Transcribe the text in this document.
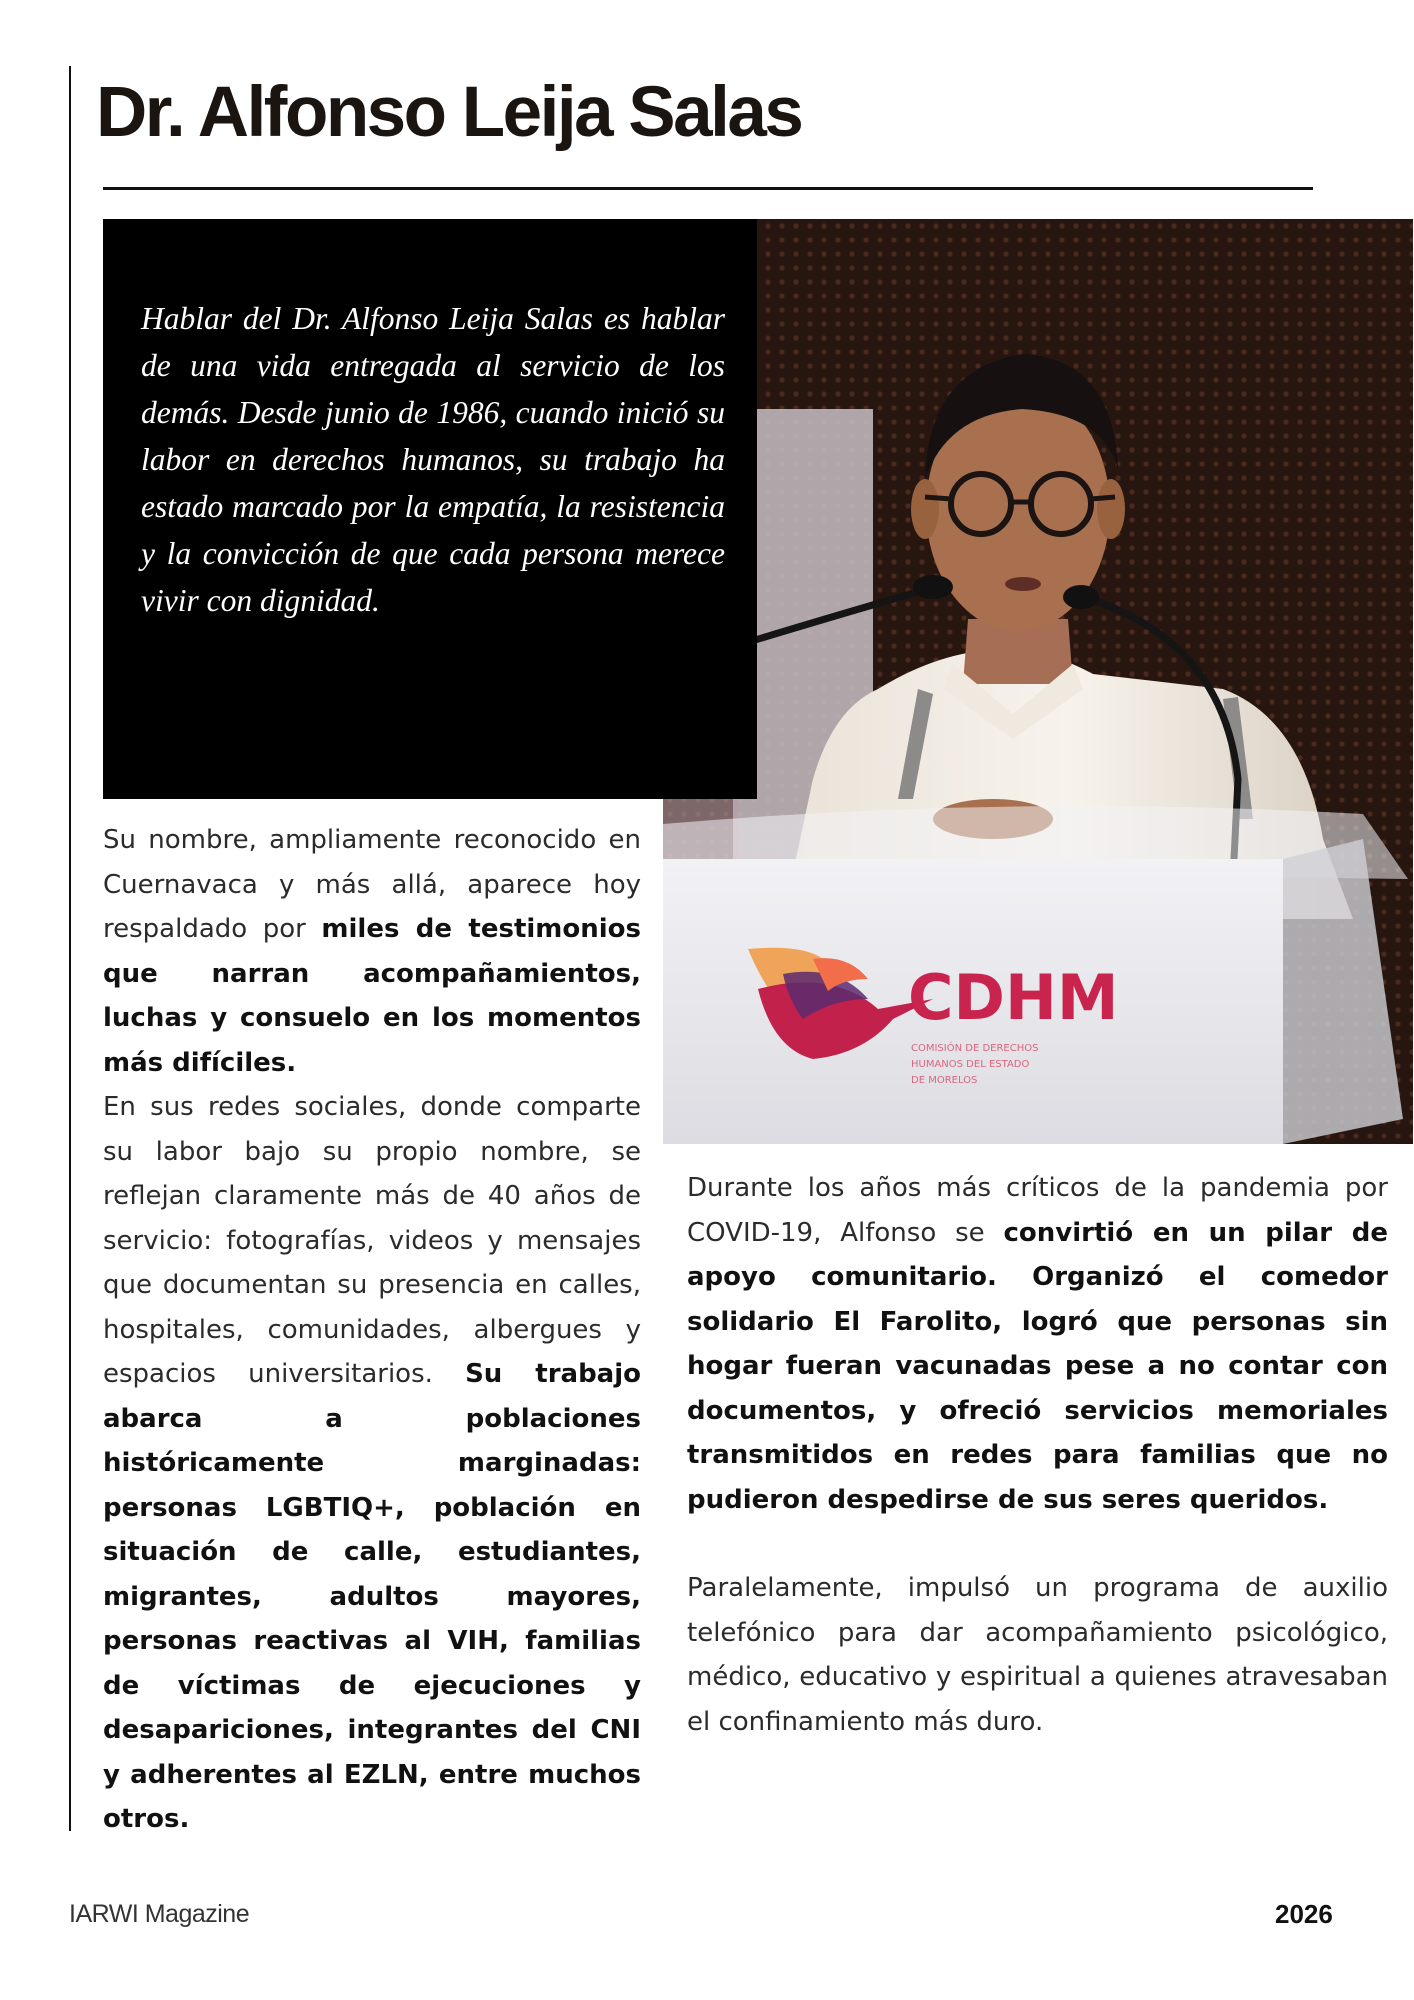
Dr. Alfonso Leija Salas
CDHM
COMISIÓN DE DERECHOS
HUMANOS DEL ESTADO
DE MORELOS

Hablar del Dr. Alfonso Leija Salas es hablar de una vida entregada al servicio de los demás. Desde junio de 1986, cuando inició su labor en derechos humanos, su trabajo ha estado marcado por la empatía, la resistencia y la convicción de que cada persona merece vivir con dignidad.

Su nombre, ampliamente reconocido en Cuernavaca y más allá, aparece hoy respaldado por miles de testimonios que narran acompañamientos, luchas y consuelo en los momentos más difíciles.

En sus redes sociales, donde comparte su labor bajo su propio nombre, se reflejan claramente más de 40 años de servicio: fotografías, videos y mensajes que documentan su presencia en calles, hospitales, comunidades, albergues y espacios universitarios. Su trabajo abarca a poblaciones históricamente marginadas: personas LGBTIQ+, población en situación de calle, estudiantes, migrantes, adultos mayores, personas reactivas al VIH, familias de víctimas de ejecuciones y desapariciones, integrantes del CNI y adherentes al EZLN, entre muchos otros.

Durante los años más críticos de la pandemia por COVID-19, Alfonso se convirtió en un pilar de apoyo comunitario. Organizó el comedor solidario El Farolito, logró que personas sin hogar fueran vacunadas pese a no contar con documentos, y ofreció servicios memoriales transmitidos en redes para familias que no pudieron despedirse de sus seres queridos.

Paralelamente, impulsó un programa de auxilio telefónico para dar acompañamiento psicológico, médico, educativo y espiritual a quienes atravesaban el confinamiento más duro.

IARWI Magazine	2026
